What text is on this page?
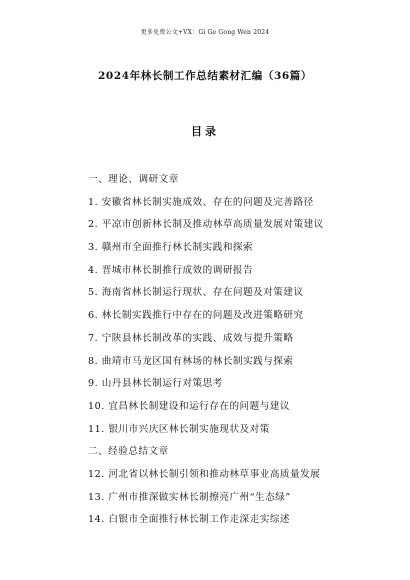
更多免费公文+VX：Gi Ge Gong Wen 2024
2024年林长制工作总结素材汇编（36篇）
目录
一、理论、调研文章
1. 安徽省林长制实施成效、存在的问题及完善路径
2. 平凉市创新林长制及推动林草高质量发展对策建议
3. 赣州市全面推行林长制实践和探索
4. 晋城市林长制推行成效的调研报告
5. 海南省林长制运行现状、存在问题及对策建议
6. 林长制实践推行中存在的问题及改进策略研究
7. 宁陕县林长制改革的实践、成效与提升策略
8. 曲靖市马龙区国有林场的林长制实践与探索
9. 山丹县林长制运行对策思考
10. 宜昌林长制建设和运行存在的问题与建议
11. 银川市兴庆区林长制实施现状及对策
二、经验总结文章
12. 河北省以林长制引领和推动林草事业高质量发展
13. 广州市推深做实林长制擦亮广州“生态绿”
14. 白银市全面推行林长制工作走深走实综述
